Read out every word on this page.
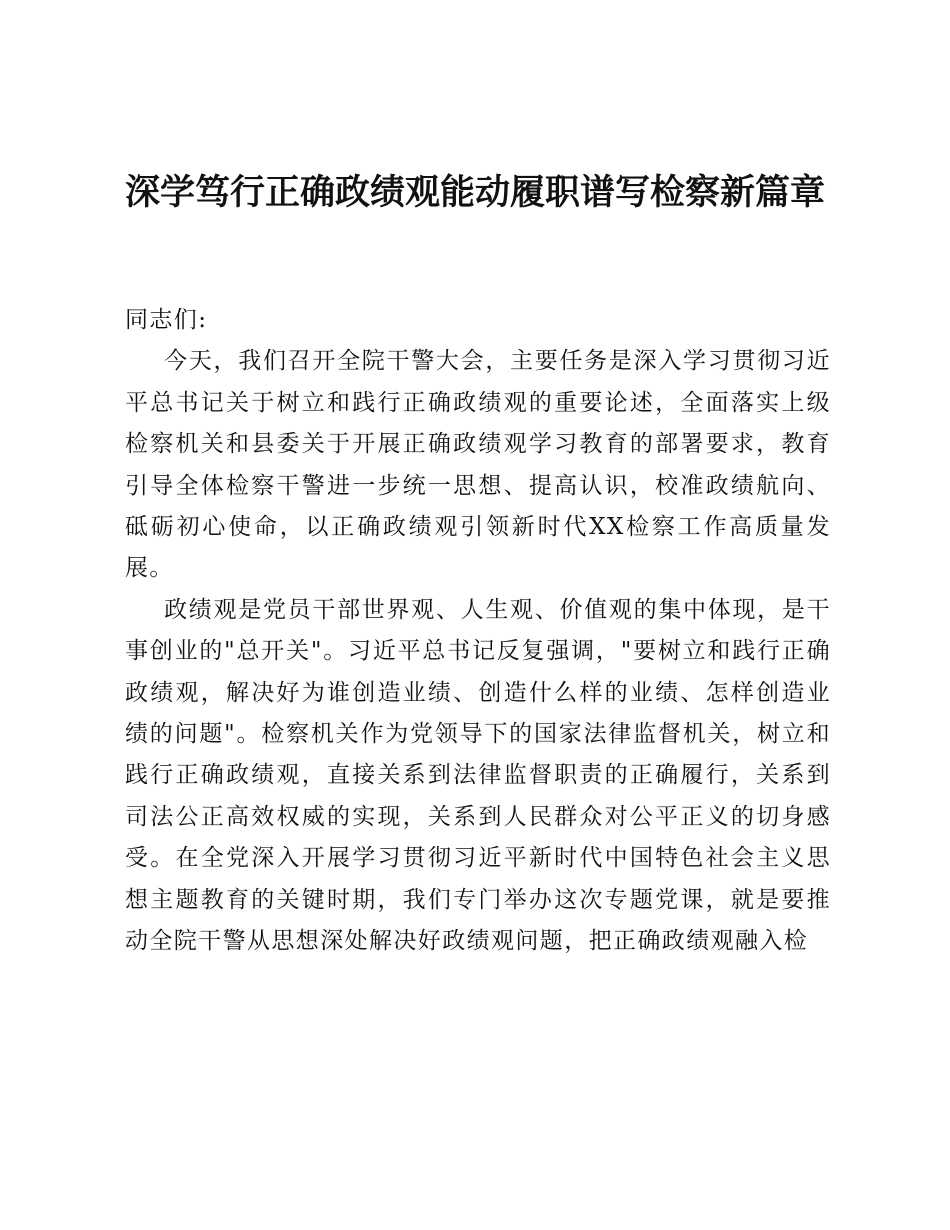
深学笃行正确政绩观能动履职谱写检察新篇章

同志们:

今天，我们召开全院干警大会，主要任务是深入学习贯彻习近平总书记关于树立和践行正确政绩观的重要论述，全面落实上级检察机关和县委关于开展正确政绩观学习教育的部署要求，教育引导全体检察干警进一步统一思想、提高认识，校准政绩航向、砥砺初心使命，以正确政绩观引领新时代XX检察工作高质量发展。

政绩观是党员干部世界观、人生观、价值观的集中体现，是干事创业的"总开关"。习近平总书记反复强调，"要树立和践行正确政绩观，解决好为谁创造业绩、创造什么样的业绩、怎样创造业绩的问题"。检察机关作为党领导下的国家法律监督机关，树立和践行正确政绩观，直接关系到法律监督职责的正确履行，关系到司法公正高效权威的实现，关系到人民群众对公平正义的切身感受。在全党深入开展学习贯彻习近平新时代中国特色社会主义思想主题教育的关键时期，我们专门举办这次专题党课，就是要推动全院干警从思想深处解决好政绩观问题，把正确政绩观融入检
